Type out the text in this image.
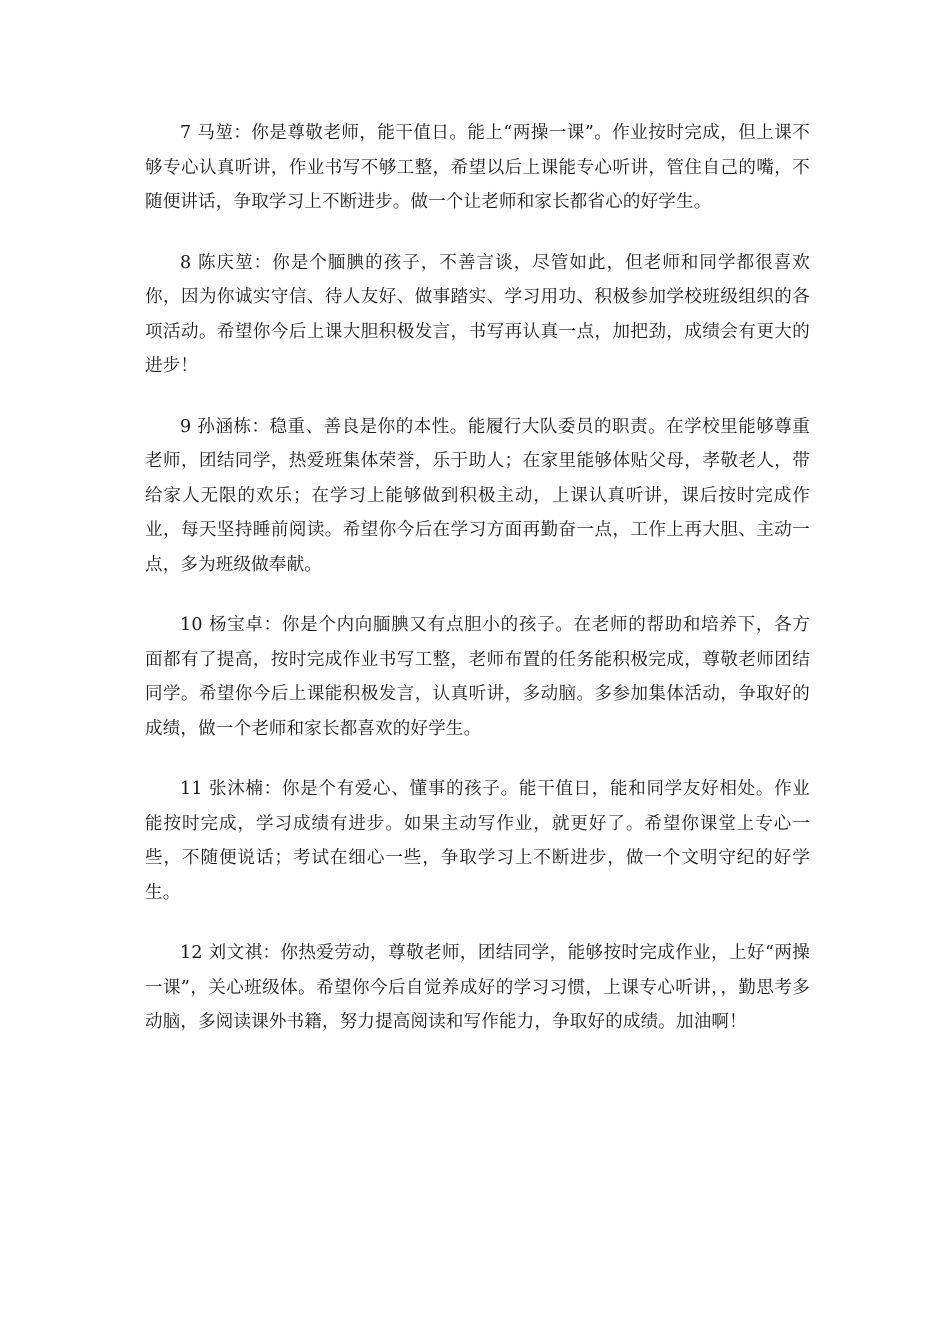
7 马堃：你是尊敬老师，能干值日。能上“两操一课”。作业按时完成，但上课不够专心认真听讲，作业书写不够工整，希望以后上课能专心听讲，管住自己的嘴，不随便讲话，争取学习上不断进步。做一个让老师和家长都省心的好学生。

8 陈庆堃：你是个腼腆的孩子，不善言谈，尽管如此，但老师和同学都很喜欢你，因为你诚实守信、待人友好、做事踏实、学习用功、积极参加学校班级组织的各项活动。希望你今后上课大胆积极发言，书写再认真一点，加把劲，成绩会有更大的进步！

9 孙涵栋：稳重、善良是你的本性。能履行大队委员的职责。在学校里能够尊重老师，团结同学，热爱班集体荣誉，乐于助人；在家里能够体贴父母，孝敬老人，带给家人无限的欢乐；在学习上能够做到积极主动，上课认真听讲，课后按时完成作业，每天坚持睡前阅读。希望你今后在学习方面再勤奋一点，工作上再大胆、主动一点，多为班级做奉献。

10 杨宝卓：你是个内向腼腆又有点胆小的孩子。在老师的帮助和培养下，各方面都有了提高，按时完成作业书写工整，老师布置的任务能积极完成，尊敬老师团结同学。希望你今后上课能积极发言，认真听讲，多动脑。多参加集体活动，争取好的成绩，做一个老师和家长都喜欢的好学生。

11 张沐楠：你是个有爱心、懂事的孩子。能干值日，能和同学友好相处。作业能按时完成，学习成绩有进步。如果主动写作业，就更好了。希望你课堂上专心一些，不随便说话；考试在细心一些，争取学习上不断进步，做一个文明守纪的好学生。

12 刘文祺：你热爱劳动，尊敬老师，团结同学，能够按时完成作业，上好“两操一课”，关心班级体。希望你今后自觉养成好的学习习惯，上课专心听讲，，勤思考多动脑，多阅读课外书籍，努力提高阅读和写作能力，争取好的成绩。加油啊！
